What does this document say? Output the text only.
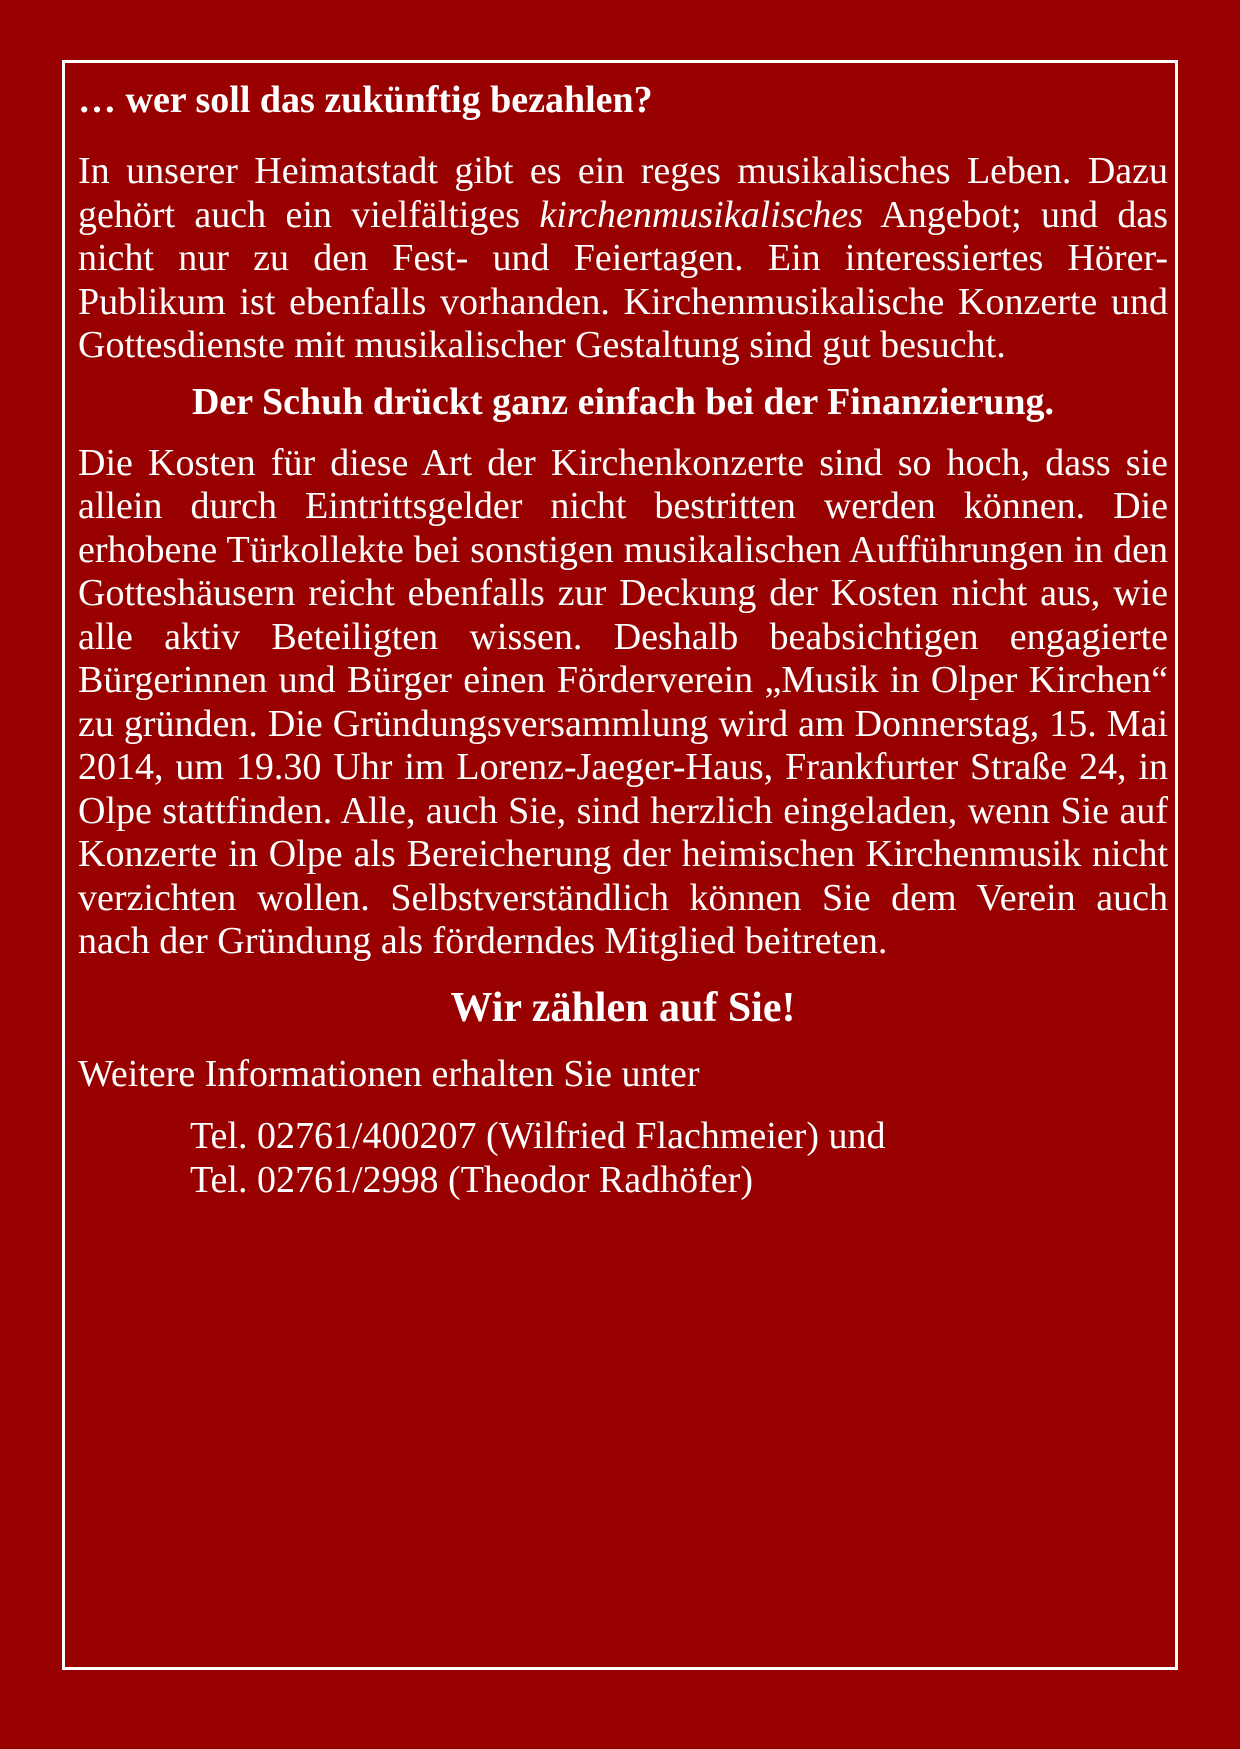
… wer soll das zukünftig bezahlen?

In unserer Heimatstadt gibt es ein reges musikalisches Leben. Dazu gehört auch ein vielfältiges kirchenmusikalisches Angebot; und das nicht nur zu den Fest- und Feiertagen. Ein interessiertes Hörer-Publikum ist ebenfalls vorhanden. Kirchenmusikalische Konzerte und Gottesdienste mit musikalischer Gestaltung sind gut besucht.

Der Schuh drückt ganz einfach bei der Finanzierung.

Die Kosten für diese Art der Kirchenkonzerte sind so hoch, dass sie allein durch Eintrittsgelder nicht bestritten werden können. Die erhobene Türkollekte bei sonstigen musikalischen Aufführungen in den Gotteshäusern reicht ebenfalls zur Deckung der Kosten nicht aus, wie alle aktiv Beteiligten wissen. Deshalb beabsichtigen engagierte Bürgerinnen und Bürger einen Förderverein „Musik in Olper Kirchen“ zu gründen. Die Gründungsversammlung wird am Donnerstag, 15. Mai 2014, um 19.30 Uhr im Lorenz-Jaeger-Haus, Frankfurter Straße 24, in Olpe stattfinden. Alle, auch Sie, sind herzlich eingeladen, wenn Sie auf Konzerte in Olpe als Bereicherung der heimischen Kirchenmusik nicht verzichten wollen. Selbstverständlich können Sie dem Verein auch nach der Gründung als förderndes Mitglied beitreten.

Wir zählen auf Sie!

Weitere Informationen erhalten Sie unter

Tel. 02761/400207 (Wilfried Flachmeier) und
Tel. 02761/2998 (Theodor Radhöfer)
